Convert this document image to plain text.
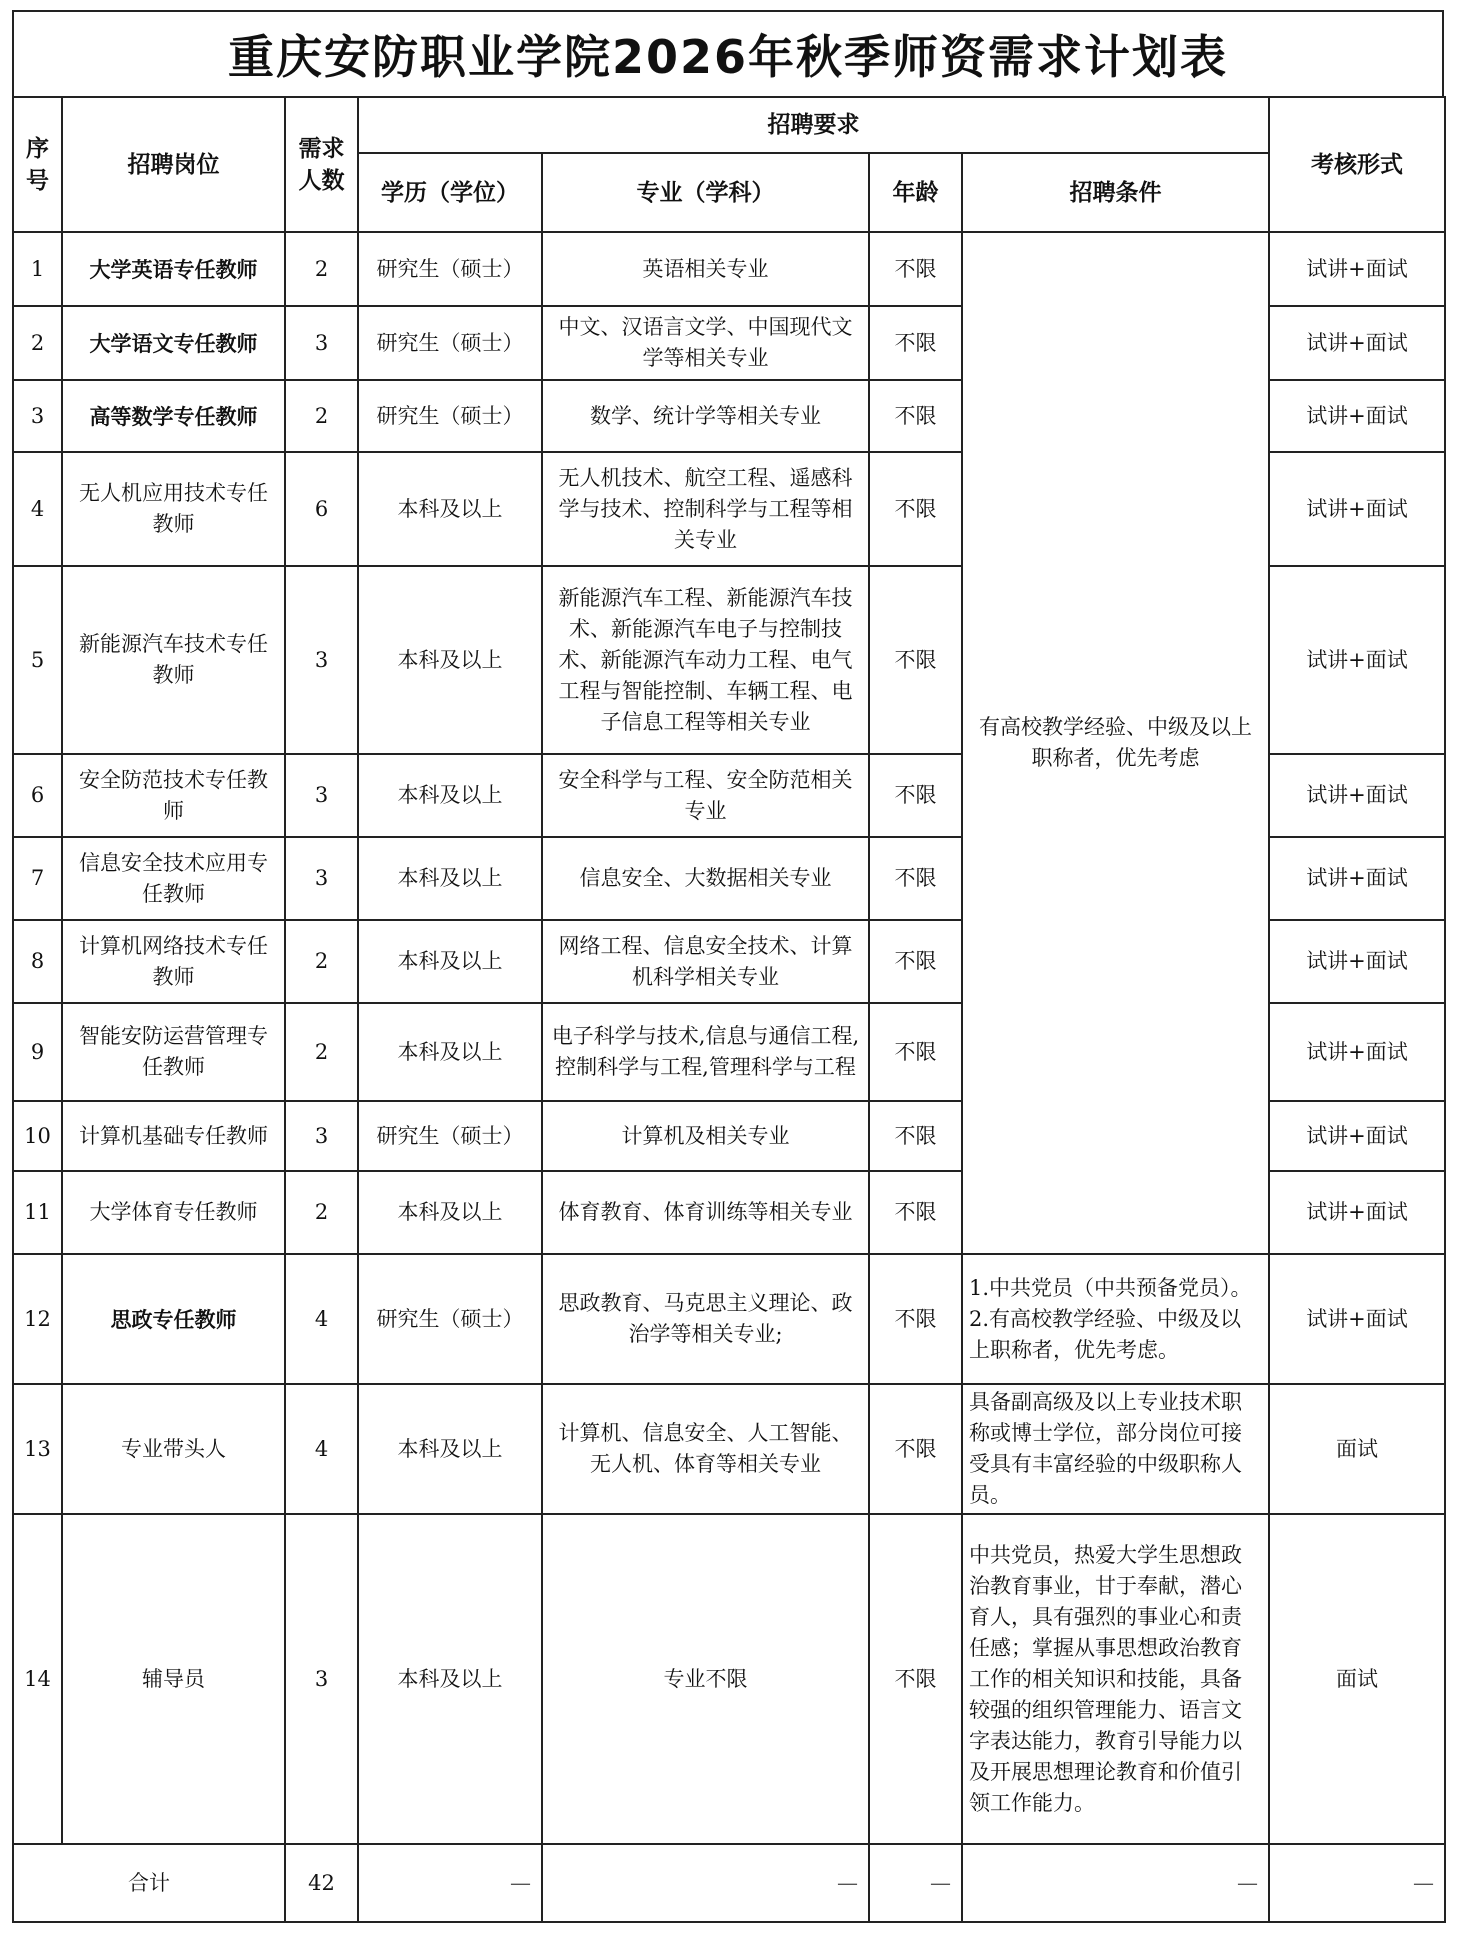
重庆安防职业学院2026年秋季师资需求计划表
序号	招聘岗位	需求人数	招聘要求				考核形式
			学历（学位）	专业（学科）	年龄	招聘条件	
1	大学英语专任教师	2	研究生（硕士）	英语相关专业	不限	有高校教学经验、中级及以上职称者，优先考虑	试讲+面试
2	大学语文专任教师	3	研究生（硕士）	中文、汉语言文学、中国现代文学等相关专业	不限		试讲+面试
3	高等数学专任教师	2	研究生（硕士）	数学、统计学等相关专业	不限		试讲+面试
4	无人机应用技术专任教师	6	本科及以上	无人机技术、航空工程、遥感科学与技术、控制科学与工程等相关专业	不限		试讲+面试
5	新能源汽车技术专任教师	3	本科及以上	新能源汽车工程、新能源汽车技术、新能源汽车电子与控制技术、新能源汽车动力工程、电气工程与智能控制、车辆工程、电子信息工程等相关专业	不限		试讲+面试
6	安全防范技术专任教师	3	本科及以上	安全科学与工程、安全防范相关专业	不限		试讲+面试
7	信息安全技术应用专任教师	3	本科及以上	信息安全、大数据相关专业	不限		试讲+面试
8	计算机网络技术专任教师	2	本科及以上	网络工程、信息安全技术、计算机科学相关专业	不限		试讲+面试
9	智能安防运营管理专任教师	2	本科及以上	电子科学与技术,信息与通信工程,控制科学与工程,管理科学与工程	不限		试讲+面试
10	计算机基础专任教师	3	研究生（硕士）	计算机及相关专业	不限		试讲+面试
11	大学体育专任教师	2	本科及以上	体育教育、体育训练等相关专业	不限		试讲+面试
12	思政专任教师	4	研究生（硕士）	思政教育、马克思主义理论、政治学等相关专业;	不限	1.中共党员（中共预备党员）。2.有高校教学经验、中级及以上职称者，优先考虑。	试讲+面试
13	专业带头人	4	本科及以上	计算机、信息安全、人工智能、无人机、体育等相关专业	不限	具备副高级及以上专业技术职称或博士学位，部分岗位可接受具有丰富经验的中级职称人员。	面试
14	辅导员	3	本科及以上	专业不限	不限	中共党员，热爱大学生思想政治教育事业，甘于奉献，潜心育人，具有强烈的事业心和责任感；掌握从事思想政治教育工作的相关知识和技能，具备较强的组织管理能力、语言文字表达能力，教育引导能力以及开展思想理论教育和价值引领工作能力。	面试
合计		42	—	—	—	—	—
